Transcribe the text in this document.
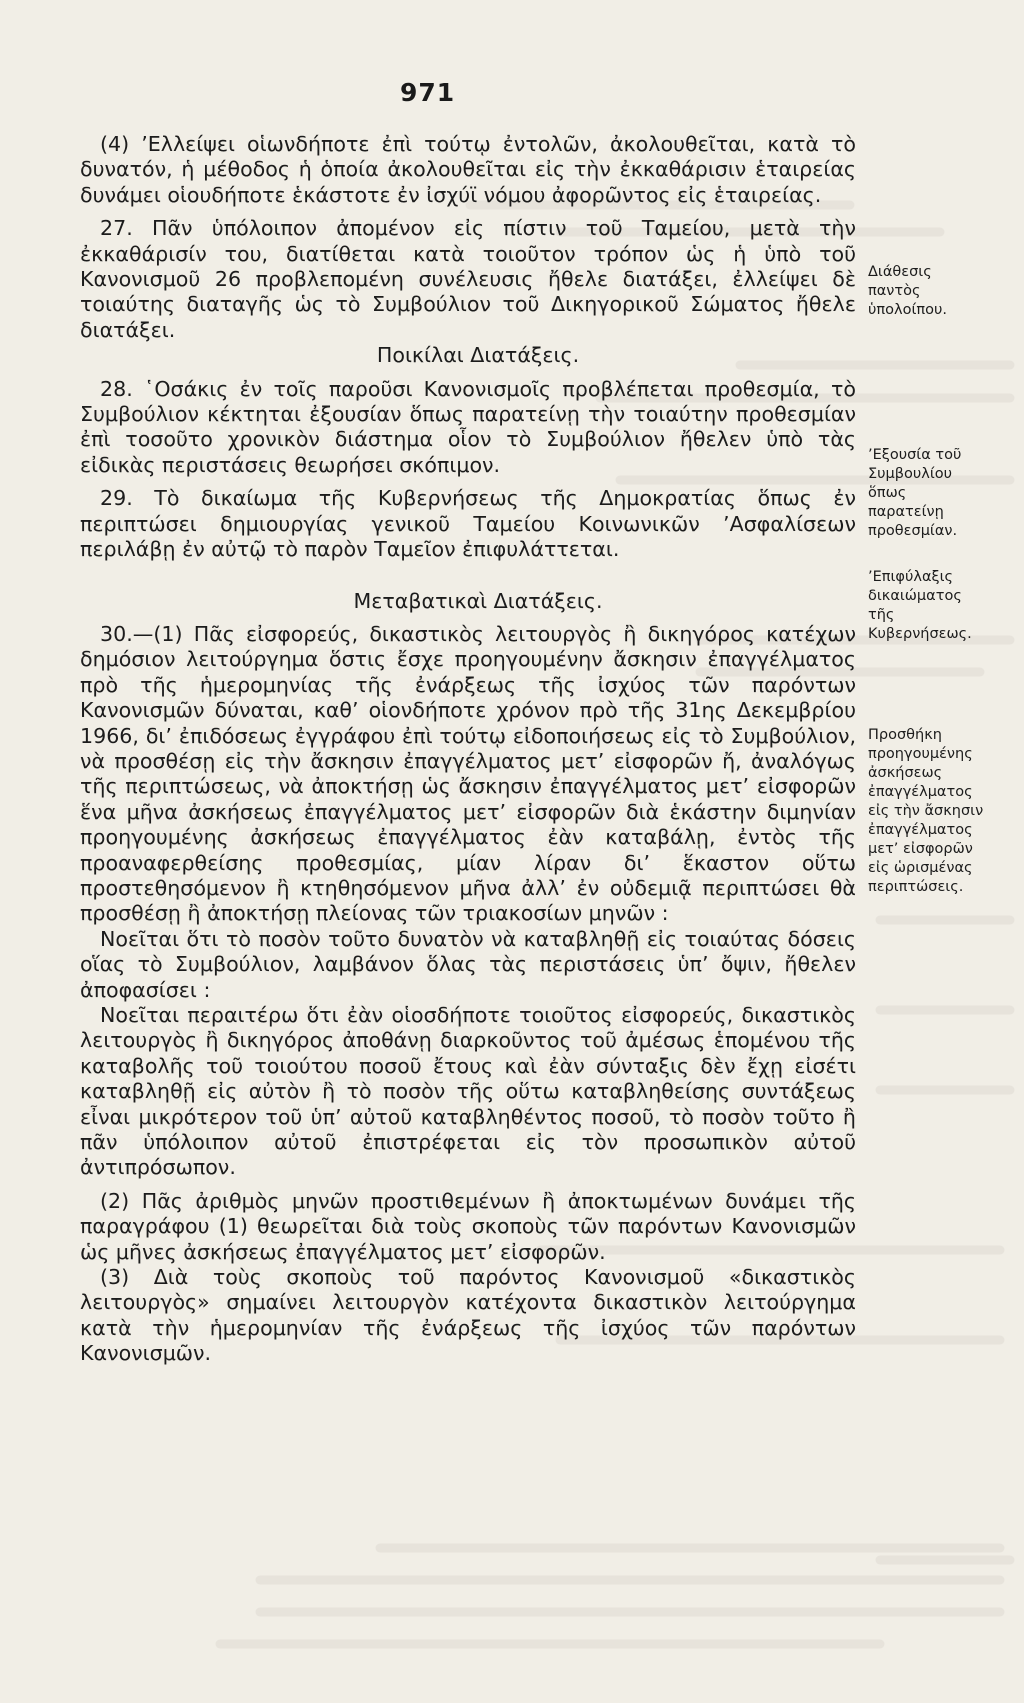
971

(4) ’Ελλείψει οἱωνδήποτε ἐπὶ τούτῳ ἐντολῶν, ἀκολουθεῖται, κατὰ τὸ δυνατόν, ἡ μέθοδος ἡ ὁποία ἀκολουθεῖται εἰς τὴν ἐκκαθάρισιν ἑταιρείας δυνάμει οἱουδήποτε ἑκάστοτε ἐν ἰσχύϊ νόμου ἀφορῶντος εἰς ἑταιρείας.

27. Πᾶν ὑπόλοιπον ἀπομένον εἰς πίστιν τοῦ Ταμείου, μετὰ τὴν ἐκκαθάρισίν του, διατίθεται κατὰ τοιοῦτον τρόπον ὡς ἡ ὑπὸ τοῦ Κανονισμοῦ 26 προβλεπομένη συνέλευσις ἤθελε διατάξει, ἐλλείψει δὲ τοιαύτης διαταγῆς ὡς τὸ Συμβούλιον τοῦ Δικηγορικοῦ Σώματος ἤθελε διατάξει.

Ποικίλαι Διατάξεις.

28. ῾Οσάκις ἐν τοῖς παροῦσι Κανονισμοῖς προβλέπεται προθεσμία, τὸ Συμβούλιον κέκτηται ἐξουσίαν ὅπως παρατείνῃ τὴν τοιαύτην προθεσμίαν ἐπὶ τοσοῦτο χρονικὸν διάστημα οἷον τὸ Συμβούλιον ἤθελεν ὑπὸ τὰς εἰδικὰς περιστάσεις θεωρήσει σκόπιμον.

29. Τὸ δικαίωμα τῆς Κυβερνήσεως τῆς Δημοκρατίας ὅπως ἐν περιπτώσει δημιουργίας γενικοῦ Ταμείου Κοινωνικῶν ’Ασφαλίσεων περιλάβῃ ἐν αὐτῷ τὸ παρὸν Ταμεῖον ἐπιφυλάττεται.

Μεταβατικαὶ Διατάξεις.

30.—(1) Πᾶς εἰσφορεύς, δικαστικὸς λειτουργὸς ἢ δικηγόρος κατέχων δημόσιον λειτούργημα ὅστις ἔσχε προηγουμένην ἄσκησιν ἐπαγγέλματος πρὸ τῆς ἡμερομηνίας τῆς ἐνάρξεως τῆς ἰσχύος τῶν παρόντων Κανονισμῶν δύναται, καθ’ οἱονδήποτε χρόνον πρὸ τῆς 31ης Δεκεμβρίου 1966, δι’ ἐπιδόσεως ἐγγράφου ἐπὶ τούτῳ εἰδοποιήσεως εἰς τὸ Συμβούλιον, νὰ προσθέσῃ εἰς τὴν ἄσκησιν ἐπαγγέλματος μετ’ εἰσφορῶν ἤ, ἀναλόγως τῆς περιπτώσεως, νὰ ἀποκτήσῃ ὡς ἄσκησιν ἐπαγγέλματος μετ’ εἰσφορῶν ἕνα μῆνα ἀσκήσεως ἐπαγγέλματος μετ’ εἰσφορῶν διὰ ἑκάστην διμηνίαν προηγουμένης ἀσκήσεως ἐπαγγέλματος ἐὰν καταβάλῃ, ἐντὸς τῆς προαναφερθείσης προθεσμίας, μίαν λίραν δι’ ἕκαστον οὕτω προστεθησόμενον ἢ κτηθησόμενον μῆνα ἀλλ’ ἐν οὐδεμιᾷ περιπτώσει θὰ προσθέσῃ ἢ ἀποκτήσῃ πλείονας τῶν τριακοσίων μηνῶν :

Νοεῖται ὅτι τὸ ποσὸν τοῦτο δυνατὸν νὰ καταβληθῇ εἰς τοιαύτας δόσεις οἵας τὸ Συμβούλιον, λαμβάνον ὅλας τὰς περιστάσεις ὑπ’ ὄψιν, ἤθελεν ἀποφασίσει :

Νοεῖται περαιτέρω ὅτι ἐὰν οἱοσδήποτε τοιοῦτος εἰσφορεύς, δικαστικὸς λειτουργὸς ἢ δικηγόρος ἀποθάνῃ διαρκοῦντος τοῦ ἀμέσως ἑπομένου τῆς καταβολῆς τοῦ τοιούτου ποσοῦ ἔτους καὶ ἐὰν σύνταξις δὲν ἔχῃ εἰσέτι καταβληθῇ εἰς αὐτὸν ἢ τὸ ποσὸν τῆς οὕτω καταβληθείσης συντάξεως εἶναι μικρότερον τοῦ ὑπ’ αὐτοῦ καταβληθέντος ποσοῦ, τὸ ποσὸν τοῦτο ἢ πᾶν ὑπόλοιπον αὐτοῦ ἐπιστρέφεται εἰς τὸν προσωπικὸν αὐτοῦ ἀντιπρόσωπον.

(2) Πᾶς ἀριθμὸς μηνῶν προστιθεμένων ἢ ἀποκτωμένων δυνάμει τῆς παραγράφου (1) θεωρεῖται διὰ τοὺς σκοποὺς τῶν παρόντων Κανονισμῶν ὡς μῆνες ἀσκήσεως ἐπαγγέλματος μετ’ εἰσφορῶν.

(3) Διὰ τοὺς σκοποὺς τοῦ παρόντος Κανονισμοῦ «δικαστικὸς λειτουργὸς» σημαίνει λειτουργὸν κατέχοντα δικαστικὸν λειτούργημα κατὰ τὴν ἡμερομηνίαν τῆς ἐνάρξεως τῆς ἰσχύος τῶν παρόντων Κανονισμῶν.

Διάθεσις παντὸς ὑπολοίπου.
’Εξουσία τοῦ Συμβουλίου ὅπως παρατείνῃ προθεσμίαν.
’Επιφύλαξις δικαιώματος τῆς Κυβερνήσεως.
Προσθήκη προηγουμένης ἀσκήσεως ἐπαγγέλματος εἰς τὴν ἄσκησιν ἐπαγγέλματος μετ’ εἰσφορῶν εἰς ὡρισμένας περιπτώσεις.
